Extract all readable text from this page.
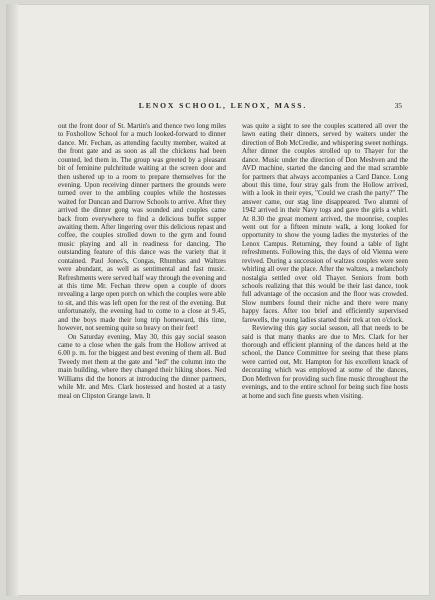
LENOX SCHOOL, LENOX, MASS.	35

out the front door of St. Martin's and thence two long miles to Foxhollow School for a much looked-forward to dinner dance. Mr. Fechan, as attending faculty member, waited at the front gate and as soon as all the chickens had been counted, led them in. The group was greeted by a pleasant bit of feminine pulchritude waiting at the screen door and then ushered up to a room to prepare themselves for the evening. Upon receiving dinner partners the grounds were turned over to the ambling couples while the hostesses waited for Duncan and Darrow Schools to arrive. After they arrived the dinner gong was sounded and couples came back from everywhere to find a delicious buffet supper awaiting them. After lingering over this delicious repast and coffee, the couples strolled down to the gym and found music playing and all in readiness for dancing. The outstanding feature of this dance was the variety that it contained. Paul Jones's, Congas, Rhumbas and Waltzes were abundant, as well as sentimental and fast music. Refreshments were served half way through the evening and at this time Mr. Fechan threw open a couple of doors revealing a large open porch on which the couples were able to sit, and this was left open for the rest of the evening. But unfortunately, the evening had to come to a close at 9.45, and the boys made their long trip homeward, this time, however, not seeming quite so heavy on their feet!

On Saturday evening, May 30, this gay social season came to a close when the gals from the Hollow arrived at 6.00 p. m. for the biggest and best evening of them all. Bud Tweedy met them at the gate and "led" the column into the main building, where they changed their hiking shoes. Ned Williams did the honors at introducing the dinner partners, while Mr. and Mrs. Clark hostessed and hosted at a tasty meal on Clipston Grange lawn. It

was quite a sight to see the couples scattered all over the lawn eating their dinners, served by waiters under the direction of Bob McCredie, and whispering sweet nothings. After dinner the couples strolled up to Thayer for the dance. Music under the direction of Don Meshven and the AVD machine, started the dancing and the mad scramble for partners that always accompanies a Card Dance. Long about this time, four stray gals from the Hollow arrived, with a look in their eyes, "Could we crash the party?" The answer came, our stag line disappeared. Two alumni of 1942 arrived in their Navy togs and gave the girls a whirl. At 8.30 the great moment arrived, the moonrise, couples went out for a fifteen minute walk, a long looked for opportunity to show the young ladies the mysteries of the Lenox Campus. Returning, they found a table of light refreshments. Following this, the days of old Vienna were revived. During a succession of waltzes couples were seen whirling all over the place. After the waltzes, a melancholy nostalgia settled over old Thayer. Seniors from both schools realizing that this would be their last dance, took full advantage of the occasion and the floor was crowded. Slow numbers found their niche and there were many happy faces. After too brief and efficiently supervised farewells, the young ladies started their trek at ten o'clock.

Reviewing this gay social season, all that needs to be said is that many thanks are due to Mrs. Clark for her thorough and efficient planning of the dances held at the school, the Dance Committee for seeing that these plans were carried out, Mr. Hampton for his excellent knack of decorating which was employed at some of the dances, Don Methven for providing such fine music throughout the evenings, and to the entire school for being such fine hosts at home and such fine guests when visiting.
